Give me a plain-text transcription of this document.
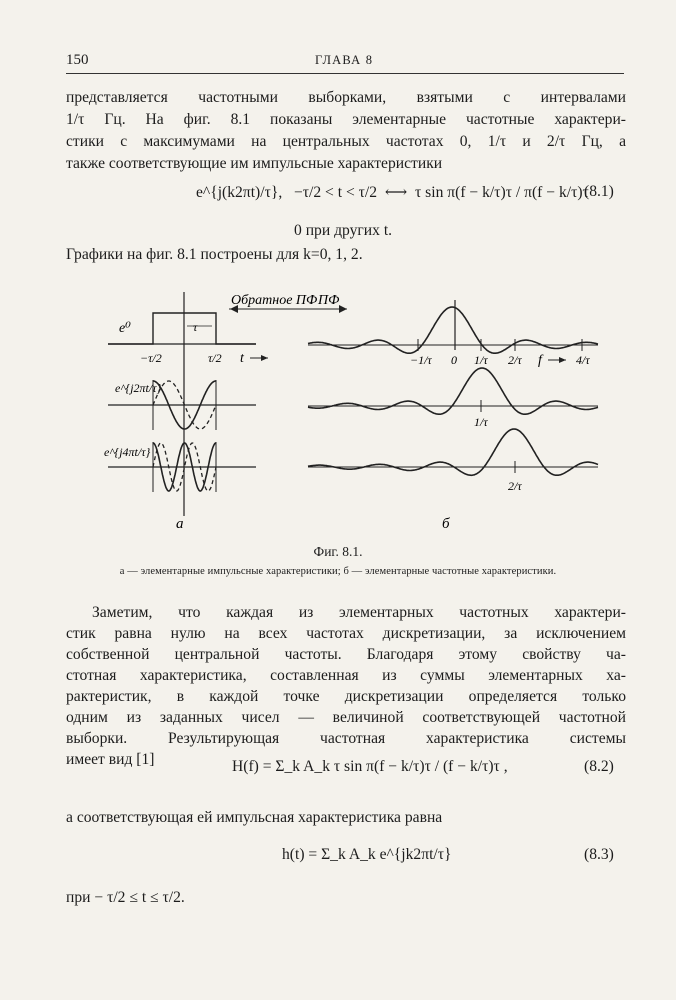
150	ГЛАВА 8
представляется частотными выборками, взятыми с интервалами
1/τ Гц. На фиг. 8.1 показаны элементарные частотные характери-
стики с максимумами на центральных частотах 0, 1/τ и 2/τ Гц, а
также соответствующие им импульсные характеристики
e^{j(k2πt)/τ}, −τ/2 < t < τ/2 ⟷ τ sin π(f − k/τ)τ / π(f − k/τ)τ
(8.1)
0 при других t.
Графики на фиг. 8.1 построены для k=0, 1, 2.
Обратное ПФ ПФ
τ
e⁰
−τ/2	τ/2 t
e^{j2πt/τ}
e^{j4πt/τ}
−1/τ 0 1/τ 2/τ f	4/τ
1/τ
2/τ
а	б
Фиг. 8.1.
а — элементарные импульсные характеристики; б — элементарные частотные характеристики.
Заметим, что каждая из элементарных частотных характери-
стик равна нулю на всех частотах дискретизации, за исключением
собственной центральной частоты. Благодаря этому свойству ча-
стотная характеристика, составленная из суммы элементарных ха-
рактеристик, в каждой точке дискретизации определяется только
одним из заданных чисел — величиной соответствующей частотной
выборки. Результирующая частотная характеристика системы
имеет вид [1]	H(f) = Σ_k A_k τ sin π(f − k/τ)τ / (f − k/τ)τ ,	(8.2)
а соответствующая ей импульсная характеристика равна
h(t) = Σ_k A_k e^{jk2πt/τ}	(8.3)
при − τ/2 ≤ t ≤ τ/2.
